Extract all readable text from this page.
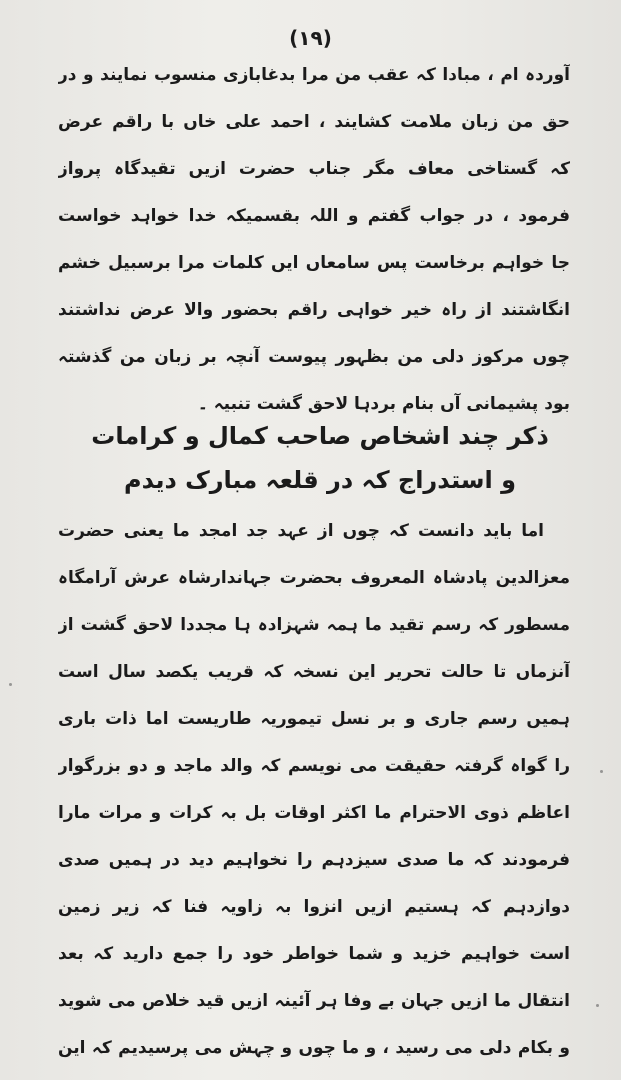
(۱۹)
آوردہ ام ، مبادا کہ عقب من مرا بدغابازی منسوب نمایند و در
حق من زبان ملامت کشایند ، احمد علی خاں با راقم عرض
کہ گستاخی معاف مگر جناب حضرت ازیں تقیدگاہ پرواز
فرمود ، در جواب گفتم و اللہ بقسمیکہ خدا خواہد خواست
جا خواہم برخاست پس سامعاں ایں کلمات مرا برسبیل خشم
انگاشتند از راہ خیر خواہی راقم بحضور والا عرض نداشتند
چوں مرکوز دلی من بظہور پیوست آنچہ بر زبان من گذشتہ
بود پشیمانی آں بنام بردہا لاحق گشت تنبیہ ۔
ذکر چند اشخاص صاحب کمال و کرامات
و استدراج کہ در قلعہ مبارک دیدم
اما باید دانست کہ چوں از عہد جد امجد ما یعنی حضرت
معزالدین پادشاہ المعروف بحضرت جہاندارشاہ عرش آرامگاہ
مسطور کہ رسم تقید ما ہمہ شہزادہ ہا مجددا لاحق گشت از
آنزماں تا حالت تحریر این نسخہ کہ قریب یکصد سال است
ہمیں رسم جاری و بر نسل تیموریہ طاریست اما ذات باری
را گواہ گرفتہ حقیقت می نویسم کہ والد ماجد و دو بزرگوار
اعاظم ذوی الاحترام ما اکثر اوقات بل بہ کرات و مرات مارا
فرمودند کہ ما صدی سیزدہم را نخواہیم دید در ہمیں صدی
دوازدہم کہ ہستیم ازیں انزوا بہ زاویہ فنا کہ زیر زمین
است خواہیم خزید و شما خواطر خود را جمع دارید کہ بعد
انتقال ما ازیں جہان بے وفا ہر آئینہ ازیں قید خلاص می شوید
و بکام دلی می رسید ، و ما چوں و چہش می پرسیدیم کہ این
